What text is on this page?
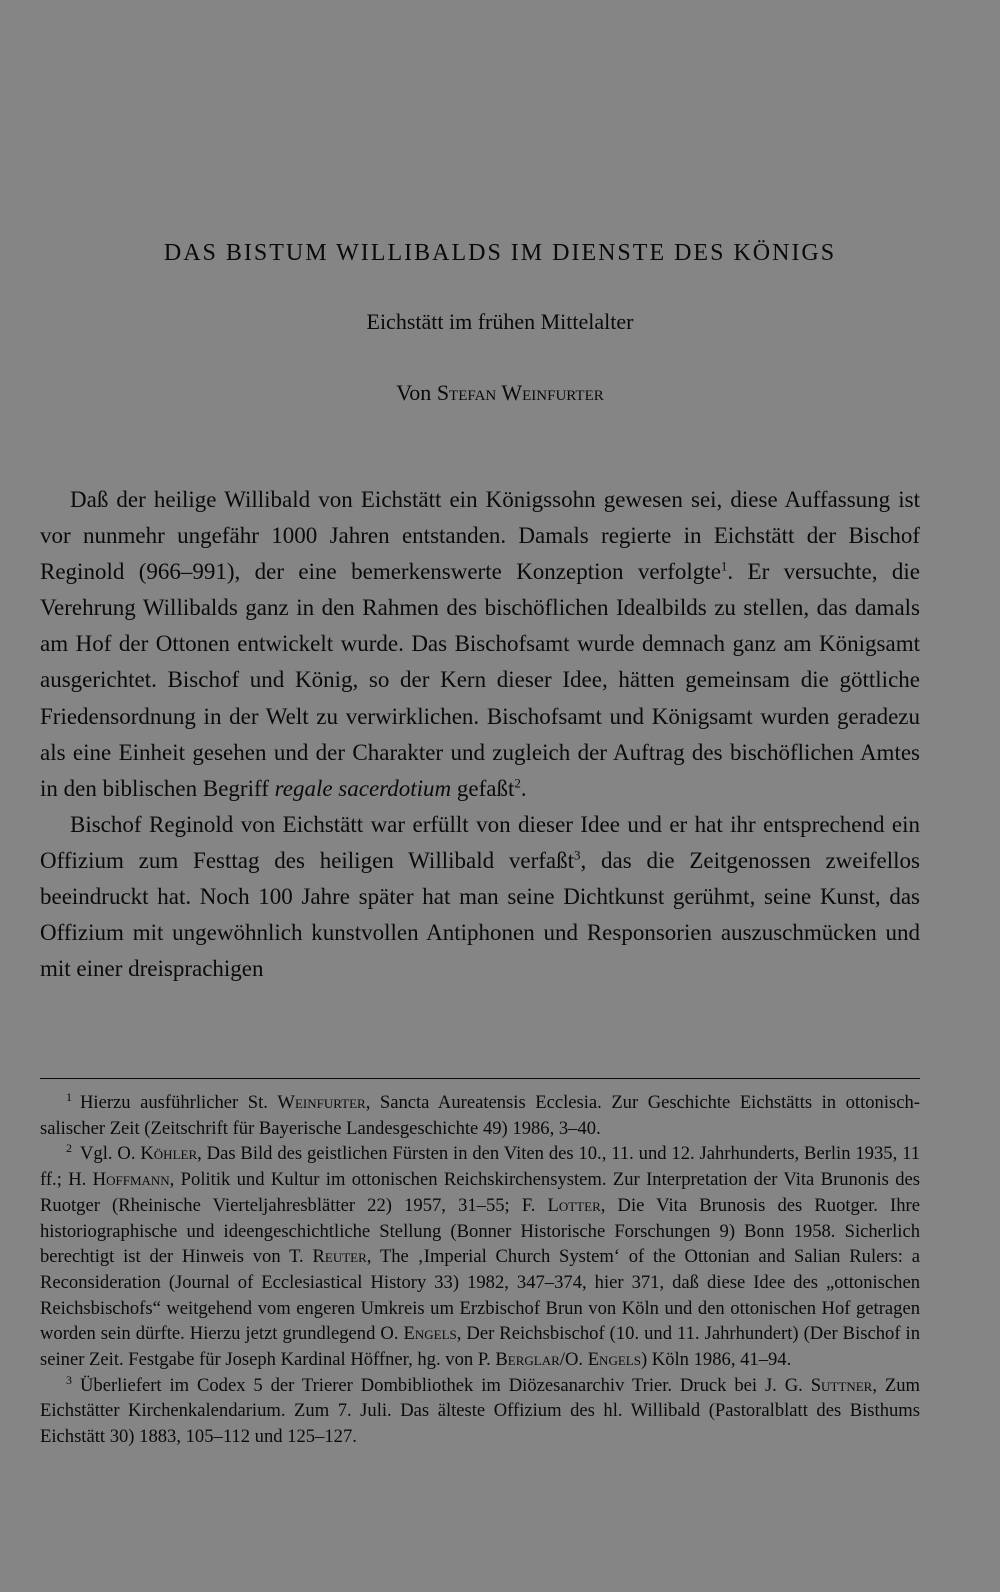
DAS BISTUM WILLIBALDS IM DIENSTE DES KÖNIGS
Eichstätt im frühen Mittelalter
Von Stefan Weinfurter

Daß der heilige Willibald von Eichstätt ein Königssohn gewesen sei, diese Auffassung ist vor nunmehr ungefähr 1000 Jahren entstanden. Damals regierte in Eichstätt der Bischof Reginold (966–991), der eine bemerkenswerte Konzeption verfolgte$^1$. Er versuchte, die Verehrung Willibalds ganz in den Rahmen des bischöflichen Idealbilds zu stellen, das damals am Hof der Ottonen entwickelt wurde. Das Bischofsamt wurde demnach ganz am Königsamt ausgerichtet. Bischof und König, so der Kern dieser Idee, hätten gemeinsam die göttliche Friedensordnung in der Welt zu verwirklichen. Bischofsamt und Königsamt wurden geradezu als eine Einheit gesehen und der Charakter und zugleich der Auftrag des bischöflichen Amtes in den biblischen Begriff regale sacerdotium gefaßt$^2$.

Bischof Reginold von Eichstätt war erfüllt von dieser Idee und er hat ihr entsprechend ein Offizium zum Festtag des heiligen Willibald verfaßt$^3$, das die Zeitgenossen zweifellos beeindruckt hat. Noch 100 Jahre später hat man seine Dichtkunst gerühmt, seine Kunst, das Offizium mit ungewöhnlich kunstvollen Antiphonen und Responsorien auszuschmücken und mit einer dreisprachigen

$^1$ Hierzu ausführlicher St. Weinfurter, Sancta Aureatensis Ecclesia. Zur Geschichte Eichstätts in ottonisch-salischer Zeit (Zeitschrift für Bayerische Landesgeschichte 49) 1986, 3–40.

$^2$ Vgl. O. Köhler, Das Bild des geistlichen Fürsten in den Viten des 10., 11. und 12. Jahrhunderts, Berlin 1935, 11 ff.; H. Hoffmann, Politik und Kultur im ottonischen Reichskirchensystem. Zur Interpretation der Vita Brunonis des Ruotger (Rheinische Vierteljahresblätter 22) 1957, 31–55; F. Lotter, Die Vita Brunosis des Ruotger. Ihre historiographische und ideengeschichtliche Stellung (Bonner Historische Forschungen 9) Bonn 1958. Sicherlich berechtigt ist der Hinweis von T. Reuter, The ‚Imperial Church System‘ of the Ottonian and Salian Rulers: a Reconsideration (Journal of Ecclesiastical History 33) 1982, 347–374, hier 371, daß diese Idee des „ottonischen Reichsbischofs“ weitgehend vom engeren Umkreis um Erzbischof Brun von Köln und den ottonischen Hof getragen worden sein dürfte. Hierzu jetzt grundlegend O. Engels, Der Reichsbischof (10. und 11. Jahrhundert) (Der Bischof in seiner Zeit. Festgabe für Joseph Kardinal Höffner, hg. von P. Berglar/O. Engels) Köln 1986, 41–94.

$^3$ Überliefert im Codex 5 der Trierer Dombibliothek im Diözesanarchiv Trier. Druck bei J. G. Suttner, Zum Eichstätter Kirchenkalendarium. Zum 7. Juli. Das älteste Offizium des hl. Willibald (Pastoralblatt des Bisthums Eichstätt 30) 1883, 105–112 und 125–127.
